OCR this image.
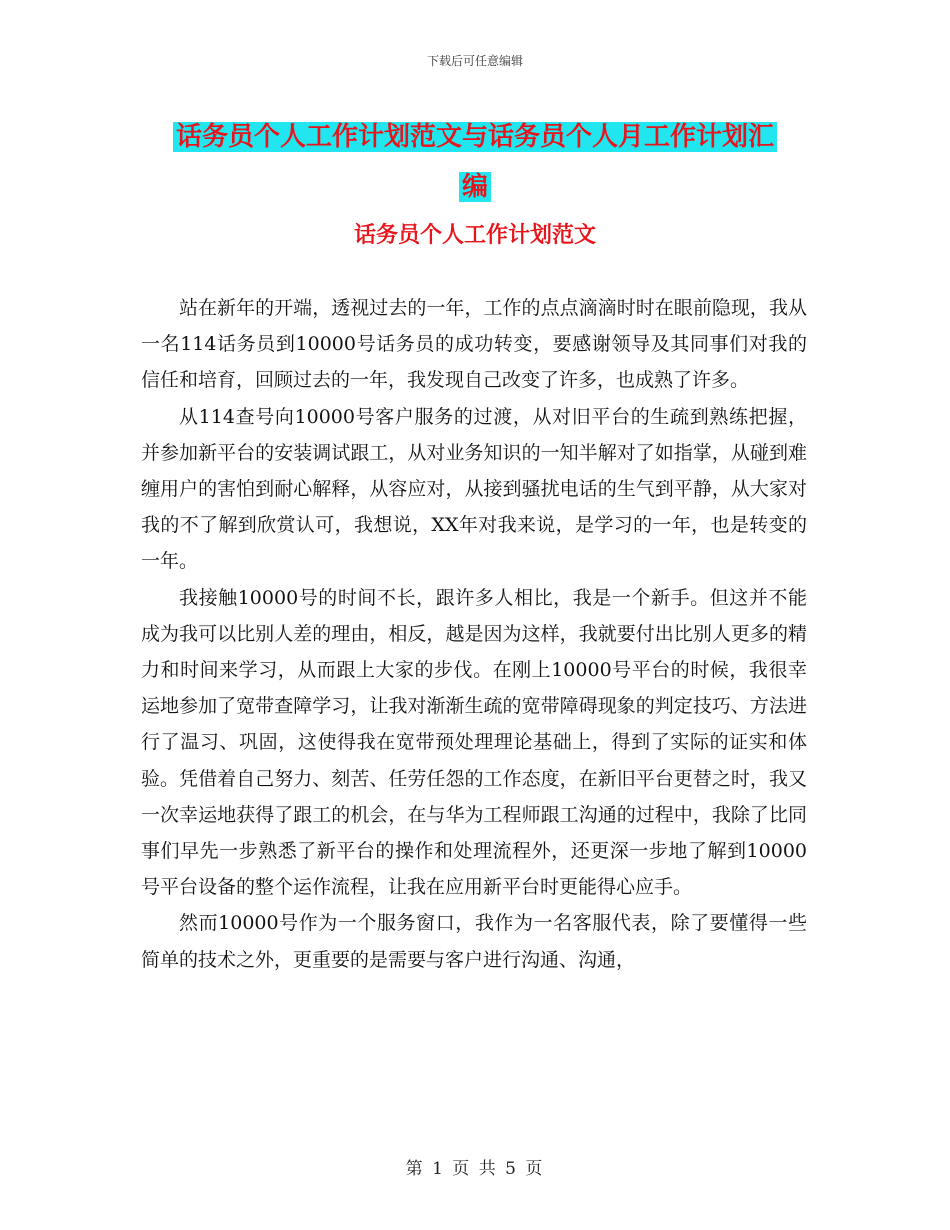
下载后可任意编辑
话务员个人工作计划范文与话务员个人月工作计划汇
编
话务员个人工作计划范文

站在新年的开端，透视过去的一年，工作的点点滴滴时时在眼前隐现，我从一名114话务员到10000号话务员的成功转变，要感谢领导及其同事们对我的信任和培育，回顾过去的一年，我发现自己改变了许多，也成熟了许多。

从114查号向10000号客户服务的过渡，从对旧平台的生疏到熟练把握，并参加新平台的安装调试跟工，从对业务知识的一知半解对了如指掌，从碰到难缠用户的害怕到耐心解释，从容应对，从接到骚扰电话的生气到平静，从大家对我的不了解到欣赏认可，我想说，XX年对我来说，是学习的一年，也是转变的一年。

我接触10000号的时间不长，跟许多人相比，我是一个新手。但这并不能成为我可以比别人差的理由，相反，越是因为这样，我就要付出比别人更多的精力和时间来学习，从而跟上大家的步伐。在刚上10000号平台的时候，我很幸运地参加了宽带查障学习，让我对渐渐生疏的宽带障碍现象的判定技巧、方法进行了温习、巩固，这使得我在宽带预处理理论基础上，得到了实际的证实和体验。凭借着自己努力、刻苦、任劳任怨的工作态度，在新旧平台更替之时，我又一次幸运地获得了跟工的机会，在与华为工程师跟工沟通的过程中，我除了比同事们早先一步熟悉了新平台的操作和处理流程外，还更深一步地了解到10000号平台设备的整个运作流程，让我在应用新平台时更能得心应手。

然而10000号作为一个服务窗口，我作为一名客服代表，除了要懂得一些简单的技术之外，更重要的是需要与客户进行沟通、沟通，

第 1 页 共 5 页
